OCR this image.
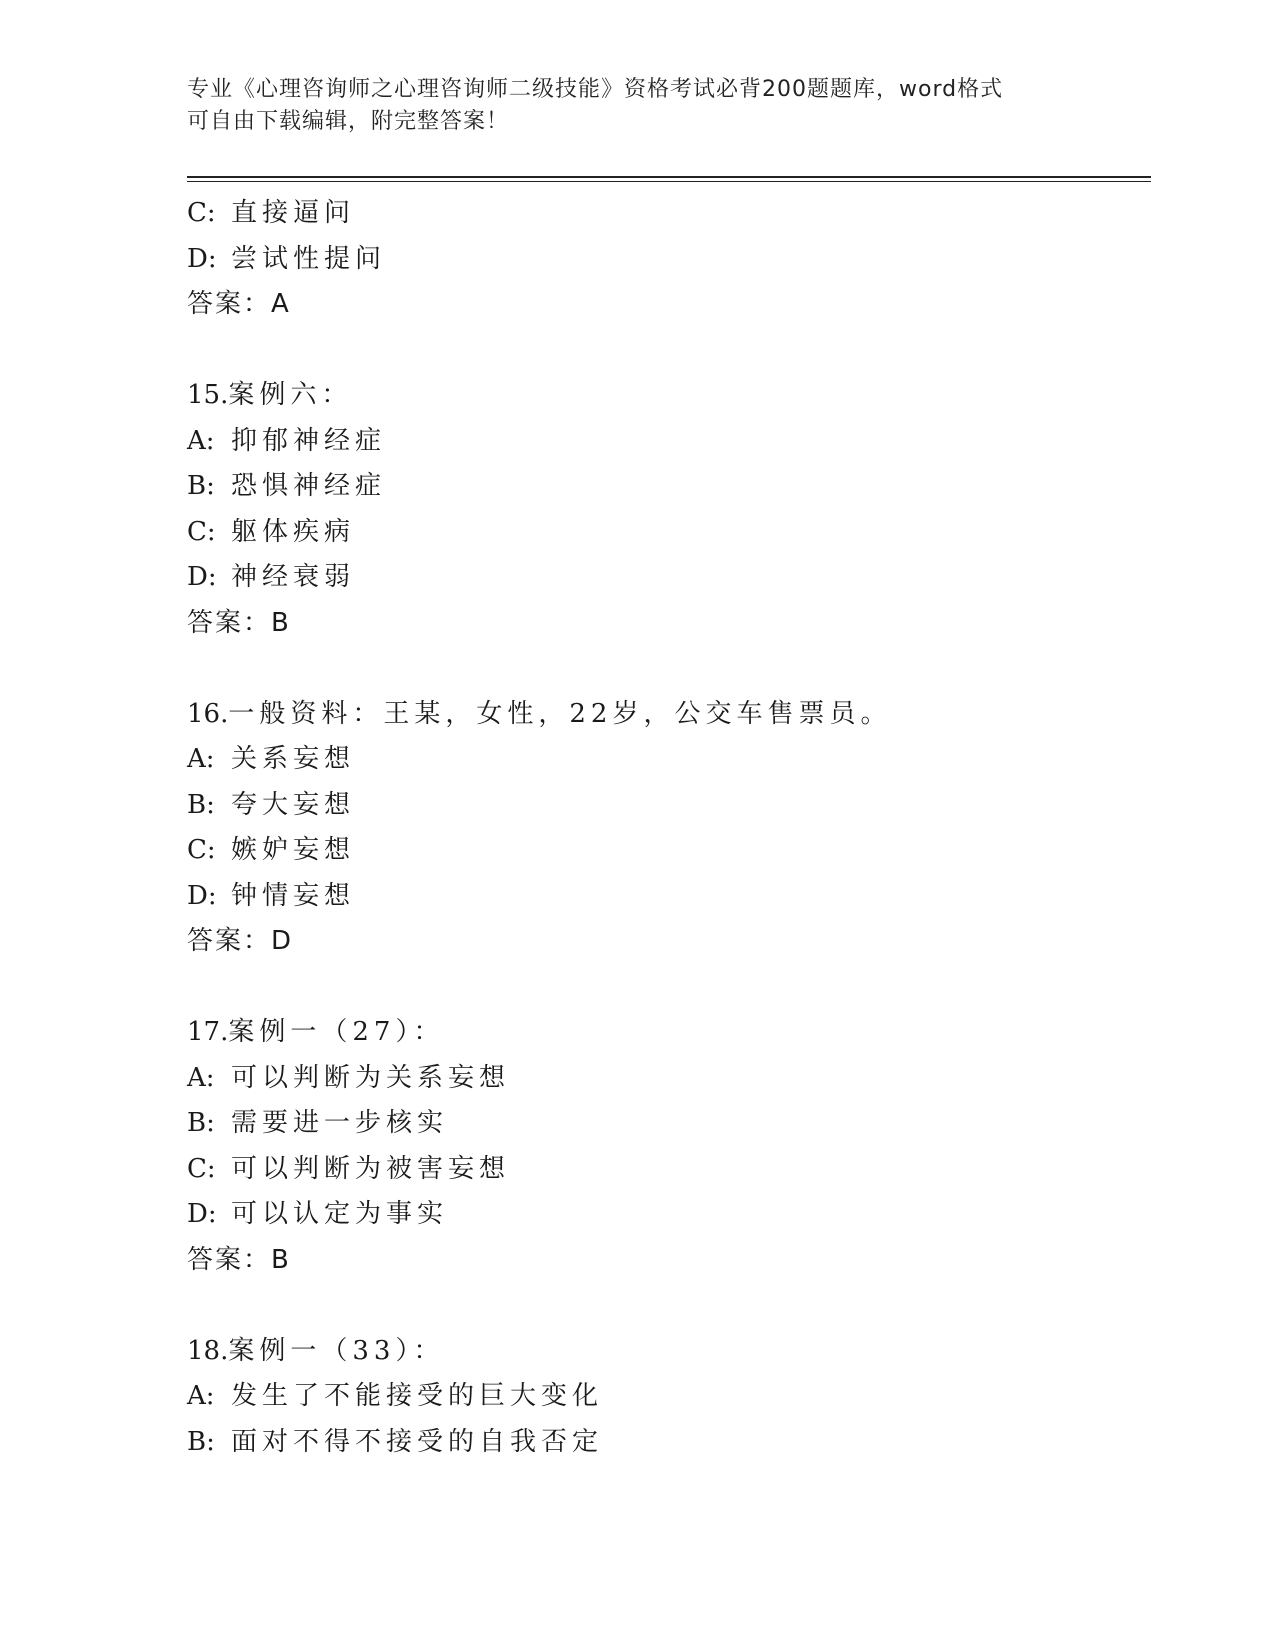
专业《心理咨询师之心理咨询师二级技能》资格考试必背200题题库，word格式
可自由下载编辑，附完整答案！
C: 直接逼问
D: 尝试性提问
答案：A
15.案例六：
A: 抑郁神经症
B: 恐惧神经症
C: 躯体疾病
D: 神经衰弱
答案：B
16.一般资料：王某，女性，22岁，公交车售票员。
A: 关系妄想
B: 夸大妄想
C: 嫉妒妄想
D: 钟情妄想
答案：D
17.案例一（27）：
A: 可以判断为关系妄想
B: 需要进一步核实
C: 可以判断为被害妄想
D: 可以认定为事实
答案：B
18.案例一（33）：
A: 发生了不能接受的巨大变化
B: 面对不得不接受的自我否定
